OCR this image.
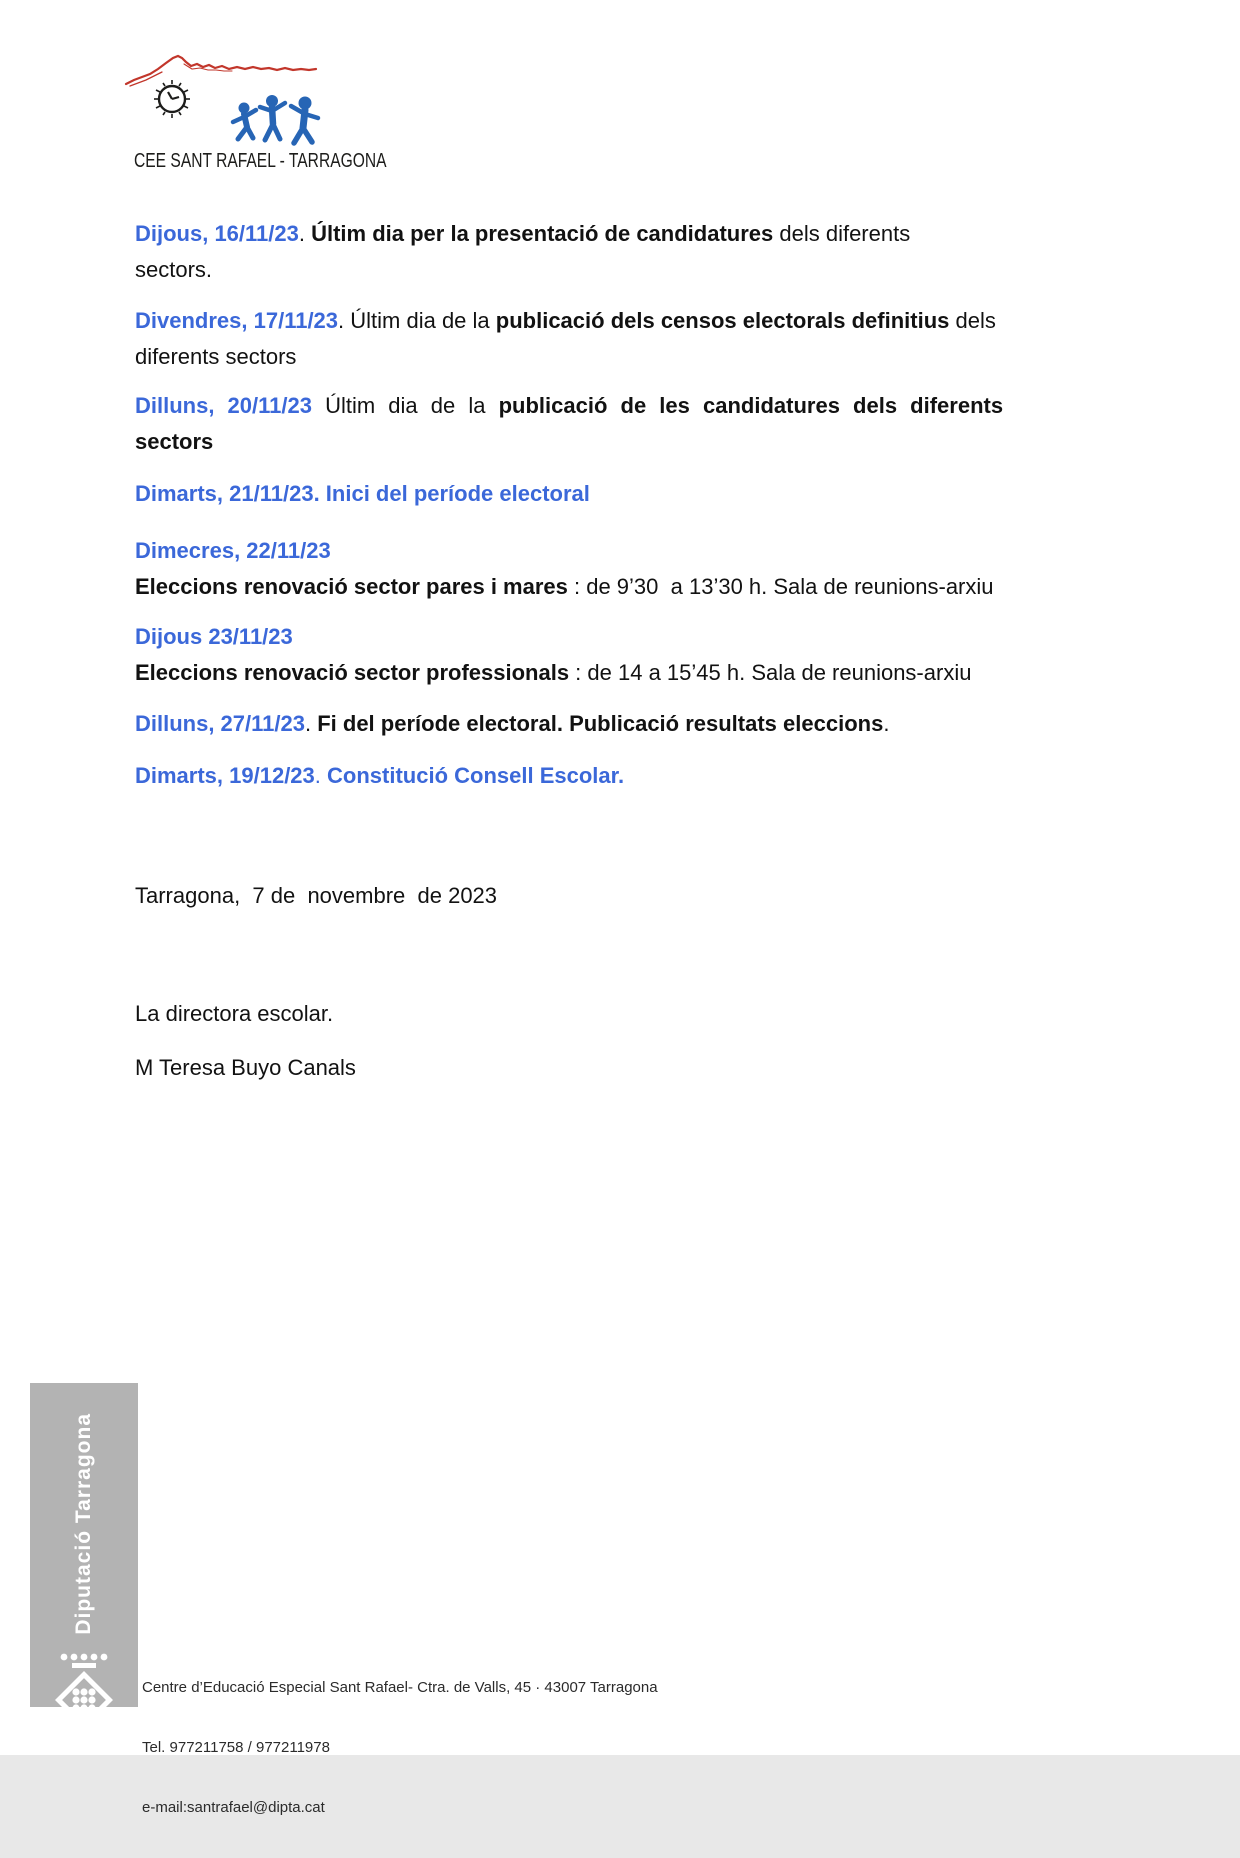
CEE SANT RAFAEL - TARRAGONA

Dijous, 16/11/23. Últim dia per la presentació de candidatures dels diferents
sectors.

Divendres, 17/11/23. Últim dia de la publicació dels censos electorals definitius dels
diferents sectors

Dilluns, 20/11/23 Últim dia de la publicació de les candidatures dels diferents
sectors

Dimarts, 21/11/23. Inici del període electoral

Dimecres, 22/11/23
Eleccions renovació sector pares i mares : de 9’30  a 13’30 h. Sala de reunions-arxiu

Dijous 23/11/23
Eleccions renovació sector professionals : de 14 a 15’45 h. Sala de reunions-arxiu

Dilluns, 27/11/23. Fi del període electoral. Publicació resultats eleccions.

Dimarts, 19/12/23. Constitució Consell Escolar.

Tarragona,  7 de  novembre  de 2023

La directora escolar.

M Teresa Buyo Canals

Diputació Tarragona

Centre d’Educació Especial Sant Rafael- Ctra. de Valls, 45 · 43007 Tarragona

Tel. 977211758 / 977211978

e-mail:santrafael@dipta.cat
